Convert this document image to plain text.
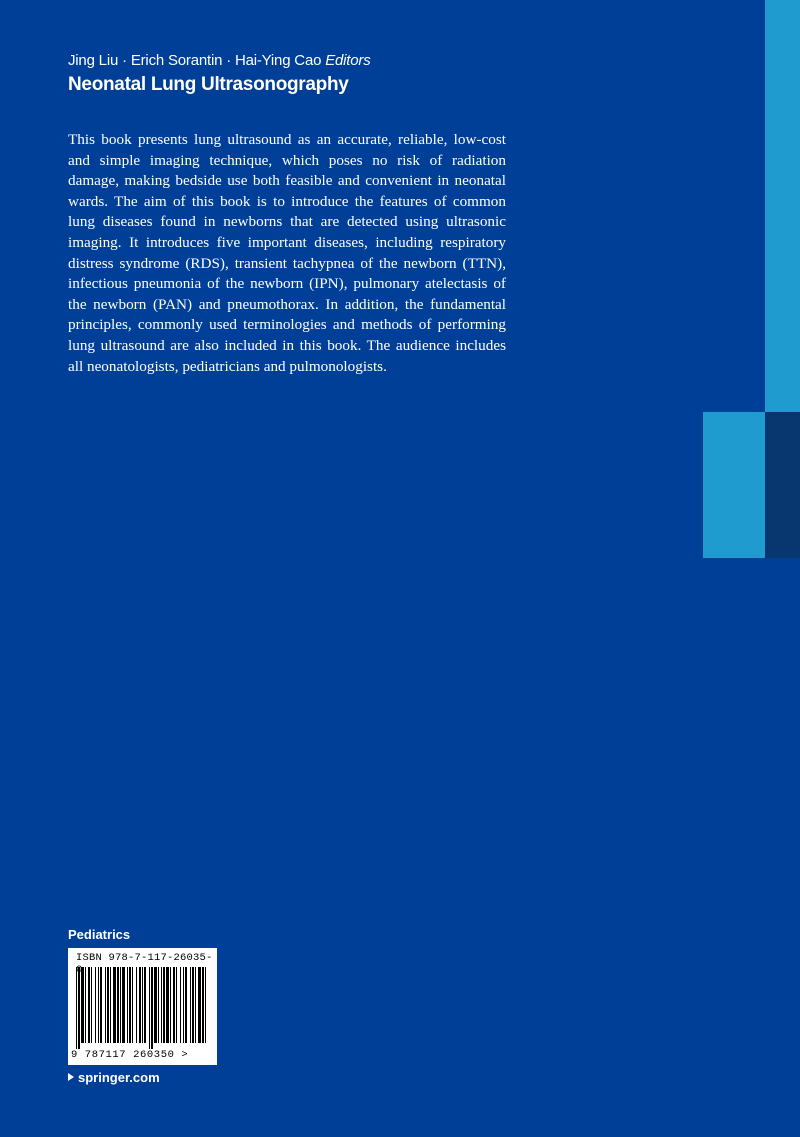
Jing Liu · Erich Sorantin · Hai-Ying Cao Editors
Neonatal Lung Ultrasonography

This book presents lung ultrasound as an accurate, reliable, low-cost and simple imaging technique, which poses no risk of radiation damage, making bedside use both feasible and convenient in neonatal wards. The aim of this book is to introduce the features of common lung diseases found in newborns that are detected using ultrasonic imaging. It introduces five important diseases, including respiratory distress syndrome (RDS), transient tachypnea of the newborn (TTN), infectious pneumonia of the newborn (IPN), pulmonary atelectasis of the newborn (PAN) and pneumothorax. In addition, the fundamental principles, commonly used terminologies and methods of performing lung ultrasound are also included in this book. The audience includes all neonatologists, pediatricians and pulmonologists.

Pediatrics
ISBN 978-7-117-26035-
9 787117 260350 >
springer.com
